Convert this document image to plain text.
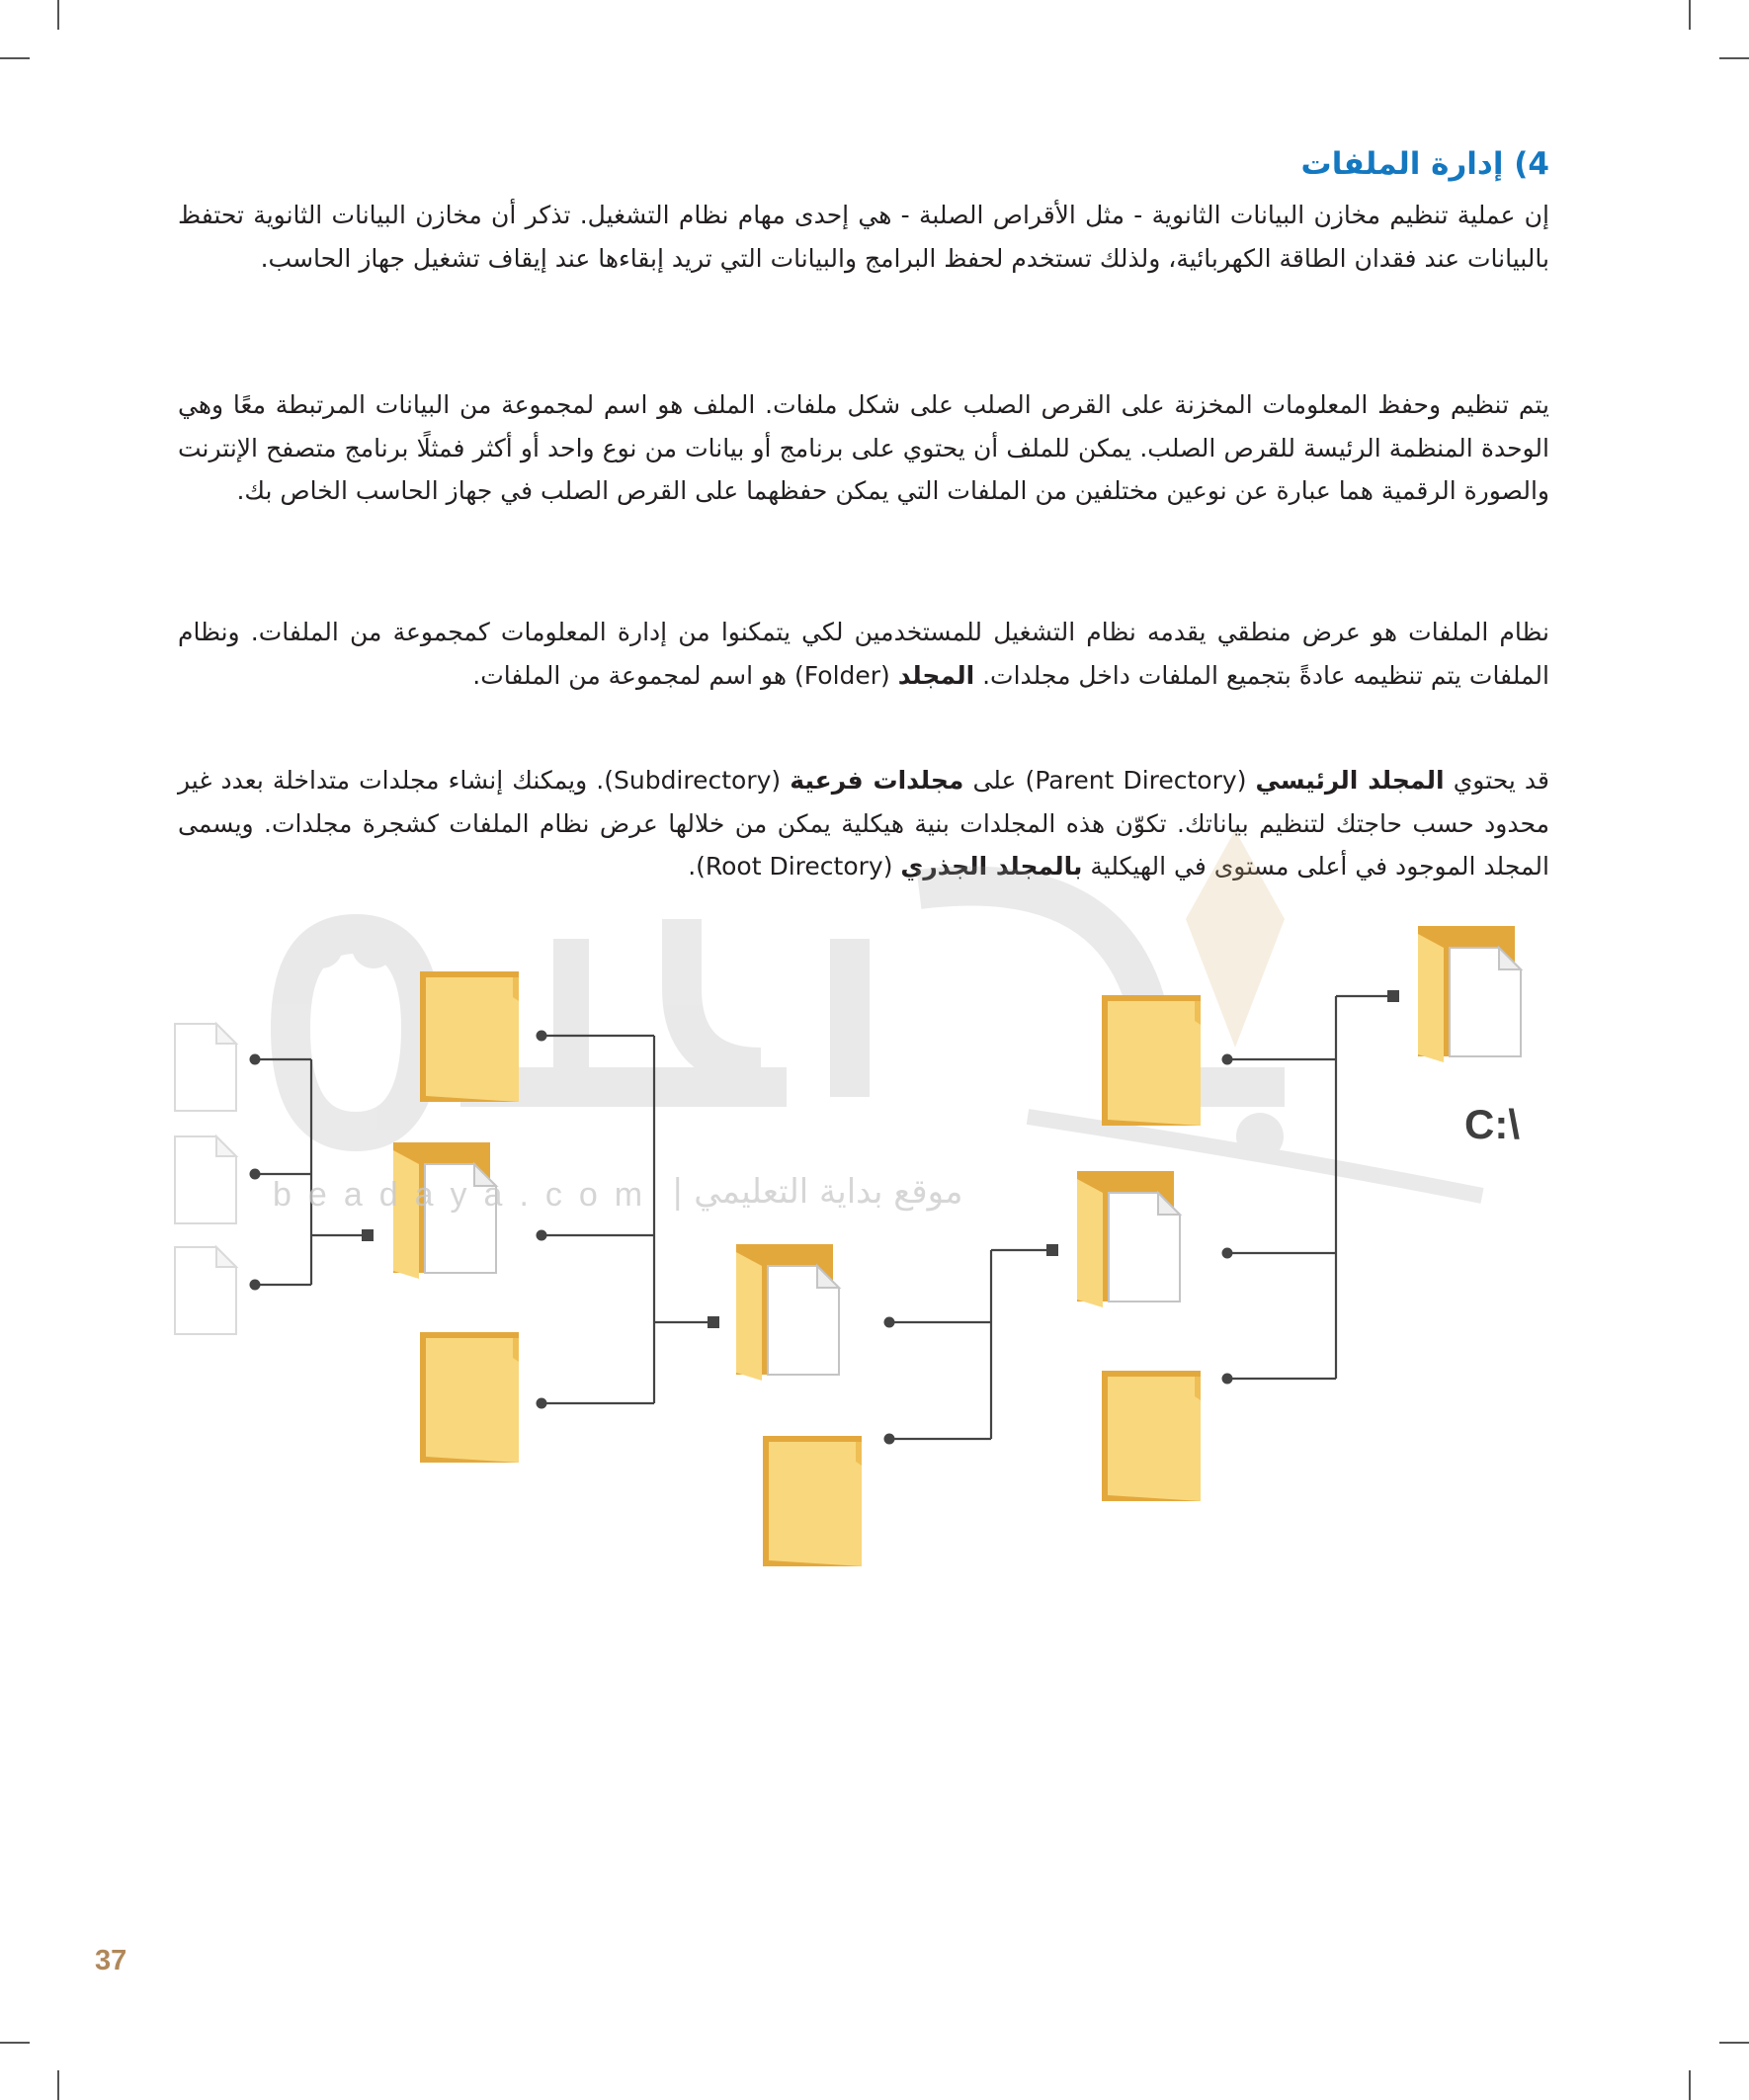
4) إدارة الملفات

إن عملية تنظيم مخازن البيانات الثانوية - مثل الأقراص الصلبة - هي إحدى مهام نظام التشغيل. تذكر أن مخازن البيانات الثانوية تحتفظ بالبيانات عند فقدان الطاقة الكهربائية، ولذلك تستخدم لحفظ البرامج والبيانات التي تريد إبقاءها عند إيقاف تشغيل جهاز الحاسب.

يتم تنظيم وحفظ المعلومات المخزنة على القرص الصلب على شكل ملفات. الملف هو اسم لمجموعة من البيانات المرتبطة معًا وهي الوحدة المنظمة الرئيسة للقرص الصلب. يمكن للملف أن يحتوي على برنامج أو بيانات من نوع واحد أو أكثر فمثلًا برنامج متصفح الإنترنت والصورة الرقمية هما عبارة عن نوعين مختلفين من الملفات التي يمكن حفظهما على القرص الصلب في جهاز الحاسب الخاص بك.

نظام الملفات هو عرض منطقي يقدمه نظام التشغيل للمستخدمين لكي يتمكنوا من إدارة المعلومات كمجموعة من الملفات. ونظام الملفات يتم تنظيمه عادةً بتجميع الملفات داخل مجلدات. المجلد (Folder) هو اسم لمجموعة من الملفات.

قد يحتوي المجلد الرئيسي (Parent Directory) على مجلدات فرعية (Subdirectory). ويمكنك إنشاء مجلدات متداخلة بعدد غير محدود حسب حاجتك لتنظيم بياناتك. تكوّن هذه المجلدات بنية هيكلية يمكن من خلالها عرض نظام الملفات كشجرة مجلدات. ويسمى المجلد الموجود في أعلى مستوى في الهيكلية بالمجلد الجذري (Root Directory).

beadaya.com موقع بداية التعليمي |

C:\

37
